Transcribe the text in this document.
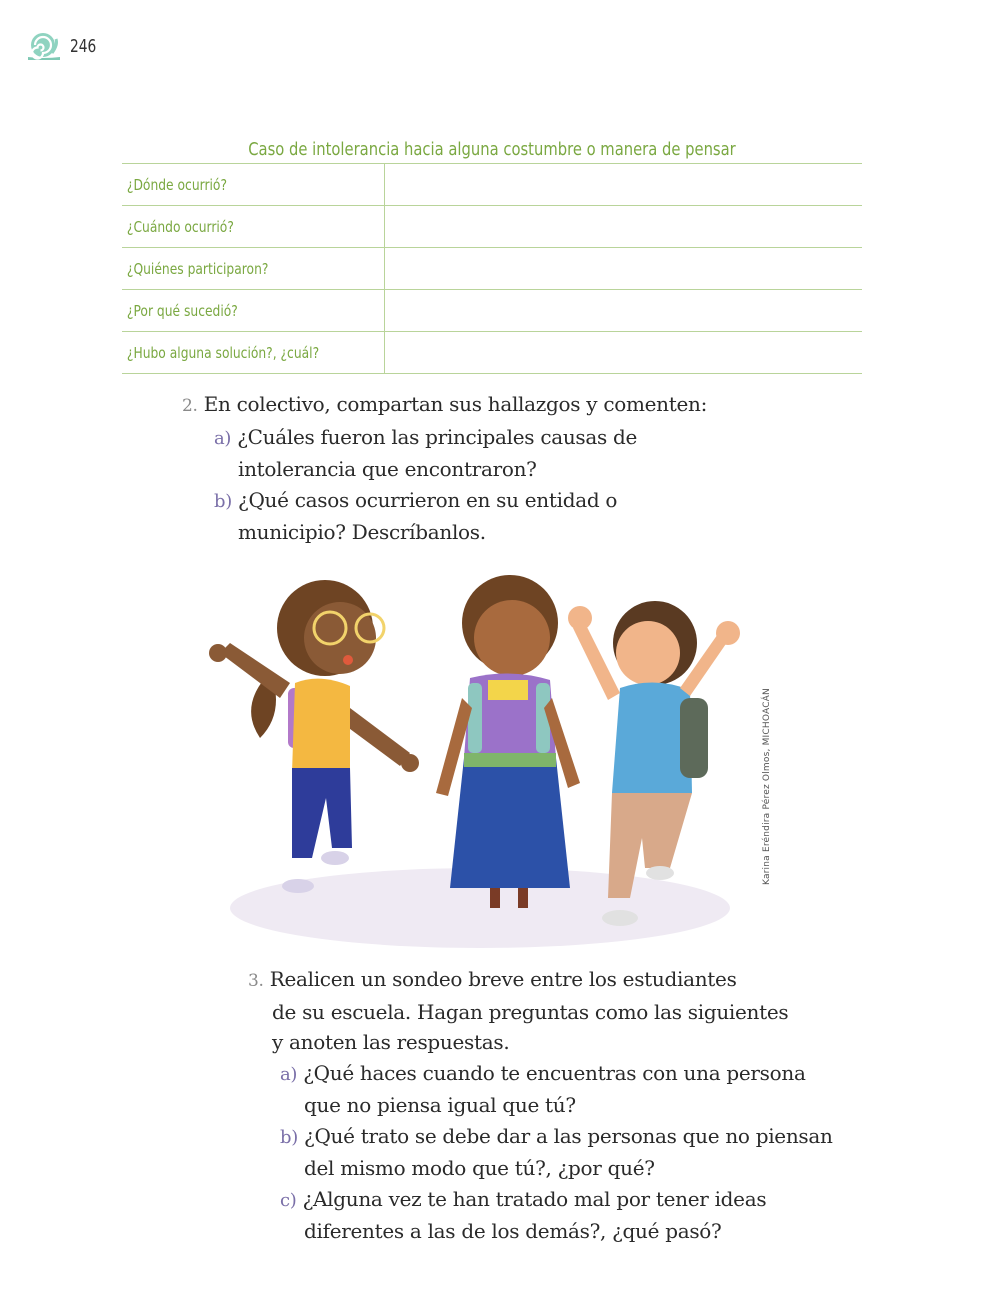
246
Caso de intolerancia hacia alguna costumbre o manera de pensar
¿Dónde ocurrió?	
¿Cuándo ocurrió?	
¿Quiénes participaron?	
¿Por qué sucedió?	
¿Hubo alguna solución?, ¿cuál?	
2. En colectivo, compartan sus hallazgos y comenten:
a) ¿Cuáles fueron las principales causas de
intolerancia que encontraron?
b) ¿Qué casos ocurrieron en su entidad o
municipio? Descríbanlos.
Karina Eréndira Pérez Olmos, MICHOACÁN
3. Realicen un sondeo breve entre los estudiantes
de su escuela. Hagan preguntas como las siguientes
y anoten las respuestas.
a) ¿Qué haces cuando te encuentras con una persona
que no piensa igual que tú?
b) ¿Qué trato se debe dar a las personas que no piensan
del mismo modo que tú?, ¿por qué?
c) ¿Alguna vez te han tratado mal por tener ideas
diferentes a las de los demás?, ¿qué pasó?
